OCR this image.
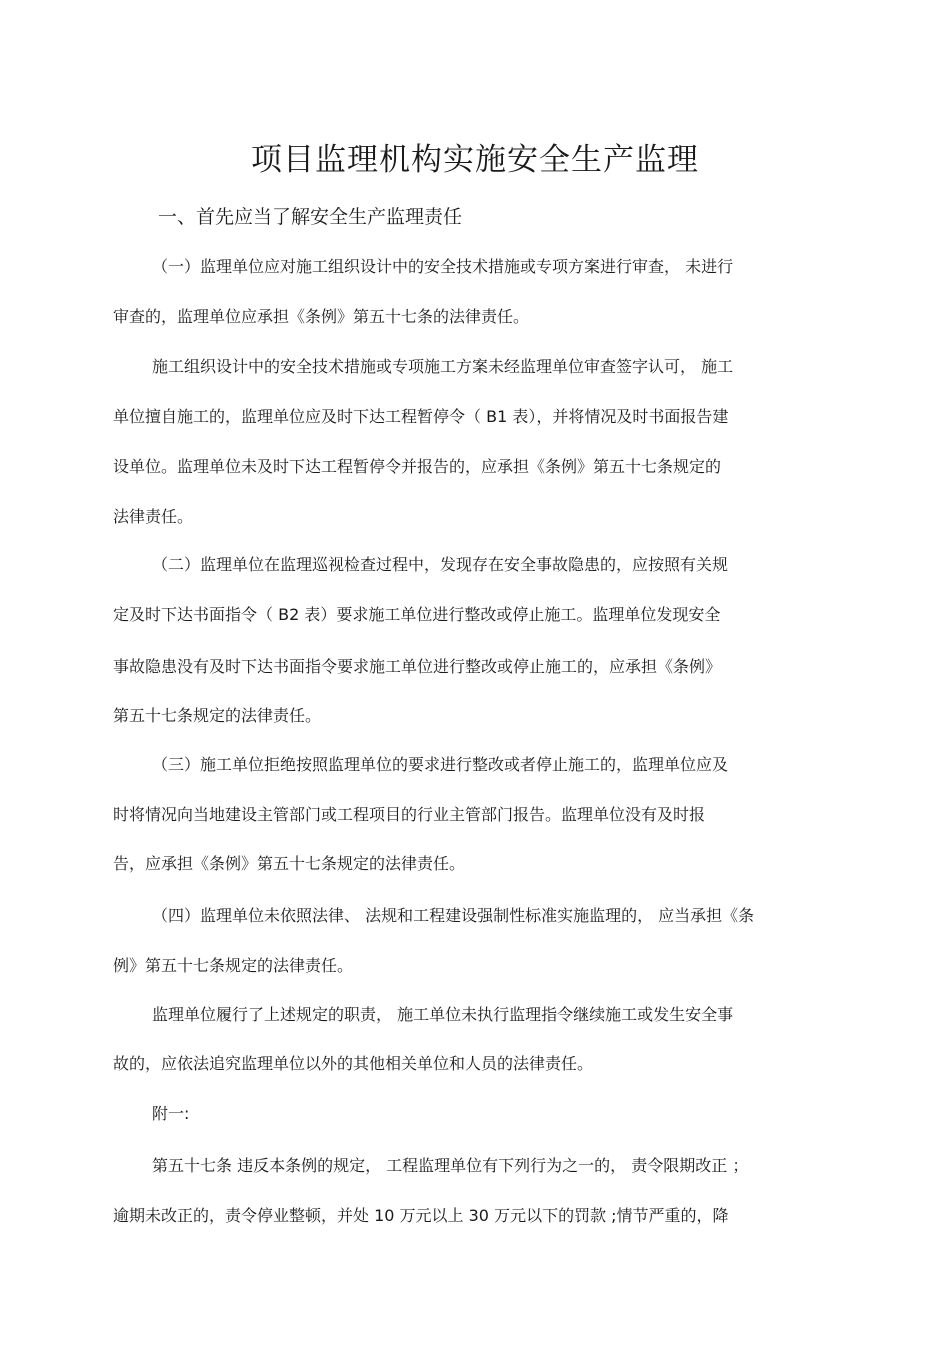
项目监理机构实施安全生产监理
一、首先应当了解安全生产监理责任
（一）监理单位应对施工组织设计中的安全技术措施或专项方案进行审查， 未进行
审查的，监理单位应承担《条例》第五十七条的法律责任。
施工组织设计中的安全技术措施或专项施工方案未经监理单位审查签字认可， 施工
单位擅自施工的，监理单位应及时下达工程暂停令（ B1 表），并将情况及时书面报告建
设单位。监理单位未及时下达工程暂停令并报告的，应承担《条例》第五十七条规定的
法律责任。
（二）监理单位在监理巡视检查过程中，发现存在安全事故隐患的，应按照有关规
定及时下达书面指令（ B2 表）要求施工单位进行整改或停止施工。监理单位发现安全
事故隐患没有及时下达书面指令要求施工单位进行整改或停止施工的，应承担《条例》
第五十七条规定的法律责任。
（三）施工单位拒绝按照监理单位的要求进行整改或者停止施工的，监理单位应及
时将情况向当地建设主管部门或工程项目的行业主管部门报告。监理单位没有及时报
告，应承担《条例》第五十七条规定的法律责任。
（四）监理单位未依照法律、 法规和工程建设强制性标准实施监理的， 应当承担《条
例》第五十七条规定的法律责任。
监理单位履行了上述规定的职责， 施工单位未执行监理指令继续施工或发生安全事
故的，应依法追究监理单位以外的其他相关单位和人员的法律责任。
附一:
第五十七条 违反本条例的规定， 工程监理单位有下列行为之一的， 责令限期改正 ；
逾期未改正的，责令停业整顿，并处 10 万元以上 30 万元以下的罚款 ;情节严重的，降
